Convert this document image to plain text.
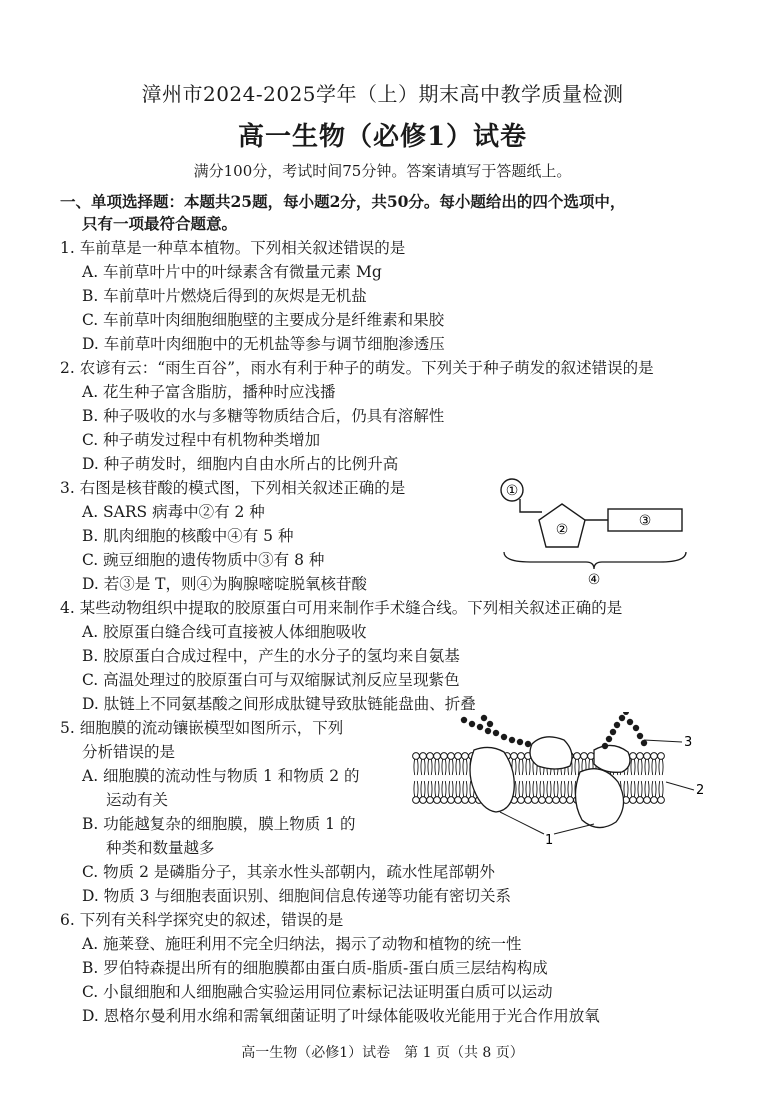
漳州市2024-2025学年（上）期末高中教学质量检测
高一生物（必修1）试卷
满分100分，考试时间75分钟。答案请填写于答题纸上。
一、单项选择题：本题共25题，每小题2分，共50分。每小题给出的四个选项中，
只有一项最符合题意。
1. 车前草是一种草本植物。下列相关叙述错误的是
A. 车前草叶片中的叶绿素含有微量元素 Mg
B. 车前草叶片燃烧后得到的灰烬是无机盐
C. 车前草叶肉细胞细胞壁的主要成分是纤维素和果胶
D. 车前草叶肉细胞中的无机盐等参与调节细胞渗透压
2. 农谚有云：“雨生百谷”，雨水有利于种子的萌发。下列关于种子萌发的叙述错误的是
A. 花生种子富含脂肪，播种时应浅播
B. 种子吸收的水与多糖等物质结合后，仍具有溶解性
C. 种子萌发过程中有机物种类增加
D. 种子萌发时，细胞内自由水所占的比例升高
3. 右图是核苷酸的模式图，下列相关叙述正确的是
A. SARS 病毒中②有 2 种
B. 肌肉细胞的核酸中④有 5 种
C. 豌豆细胞的遗传物质中③有 8 种
D. 若③是 T，则④为胸腺嘧啶脱氧核苷酸
①
②
③
④
4. 某些动物组织中提取的胶原蛋白可用来制作手术缝合线。下列相关叙述正确的是
A. 胶原蛋白缝合线可直接被人体细胞吸收
B. 胶原蛋白合成过程中，产生的水分子的氢均来自氨基
C. 高温处理过的胶原蛋白可与双缩脲试剂反应呈现紫色
D. 肽链上不同氨基酸之间形成肽键导致肽链能盘曲、折叠
5. 细胞膜的流动镶嵌模型如图所示，下列
分析错误的是
A. 细胞膜的流动性与物质 1 和物质 2 的
运动有关
B. 功能越复杂的细胞膜，膜上物质 1 的
种类和数量越多
C. 物质 2 是磷脂分子，其亲水性头部朝内，疏水性尾部朝外
D. 物质 3 与细胞表面识别、细胞间信息传递等功能有密切关系
3
2
1
6. 下列有关科学探究史的叙述，错误的是
A. 施莱登、施旺利用不完全归纳法，揭示了动物和植物的统一性
B. 罗伯特森提出所有的细胞膜都由蛋白质-脂质-蛋白质三层结构构成
C. 小鼠细胞和人细胞融合实验运用同位素标记法证明蛋白质可以运动
D. 恩格尔曼利用水绵和需氧细菌证明了叶绿体能吸收光能用于光合作用放氧
高一生物（必修1）试卷　第 1 页（共 8 页）
